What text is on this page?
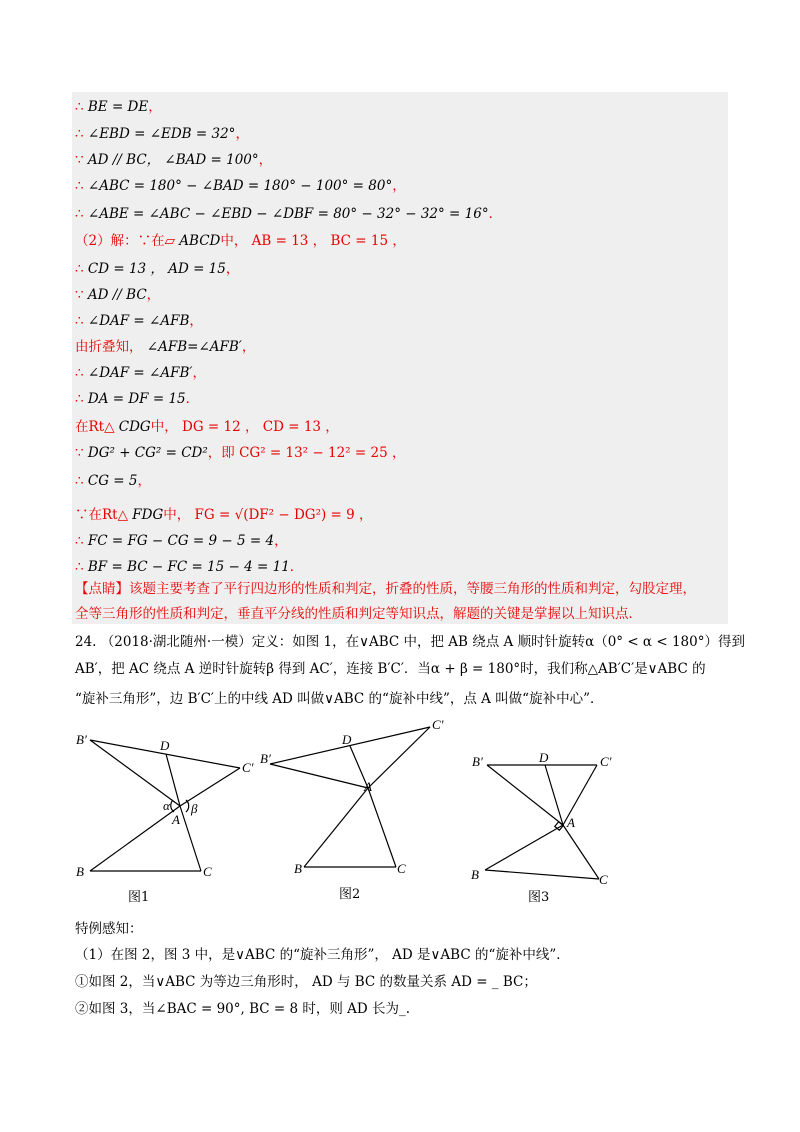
∴ BE = DE，
∴ ∠EBD = ∠EDB = 32°，
∵ AD // BC， ∠BAD = 100°，
∴ ∠ABC = 180° − ∠BAD = 180° − 100° = 80°，
∴ ∠ABE = ∠ABC − ∠EBD − ∠DBF = 80° − 32° − 32° = 16°．
（2）解：∵在▱ ABCD中， AB = 13 ， BC = 15 ，
∴ CD = 13 ， AD = 15，
∵ AD // BC，
∴ ∠DAF = ∠AFB，
由折叠知， ∠AFB=∠AFB′，
∴ ∠DAF = ∠AFB′，
∴ DA = DF = 15．
在Rt△ CDG中， DG = 12 ， CD = 13 ，
∵ DG² + CG² = CD²，即 CG² = 13² − 12² = 25 ，
∴ CG = 5，
∵在Rt△ FDG中， FG = √(DF² − DG²) = 9 ，
∴ FC = FG − CG = 9 − 5 = 4，
∴ BF = BC − FC = 15 − 4 = 11．
【点睛】该题主要考查了平行四边形的性质和判定，折叠的性质，等腰三角形的性质和判定，勾股定理，
全等三角形的性质和判定，垂直平分线的性质和判定等知识点，解题的关键是掌握以上知识点．
24. （2018·湖北随州·一模）定义：如图 1，在∨ABC 中，把 AB 绕点 A 顺时针旋转α（0° < α < 180°）得到
AB′，把 AC 绕点 A 逆时针旋转β 得到 AC′，连接 B′C′．当α + β = 180°时，我们称△AB′C′是∨ABC 的
“旋补三角形”，边 B′C′上的中线 AD 叫做∨ABC 的“旋补中线”，点 A 叫做“旋补中心”．
B′	D
C′
α β
A
B	C
图1
B′
D
C′
A
B	C
图2
B′	D	C′
A
B	C
图3
特例感知：
（1）在图 2，图 3 中，是∨ABC 的“旋补三角形”， AD 是∨ABC 的“旋补中线”．
①如图 2，当∨ABC 为等边三角形时， AD 与 BC 的数量关系 AD = _ BC；
②如图 3，当∠BAC = 90°, BC = 8 时，则 AD 长为_.
